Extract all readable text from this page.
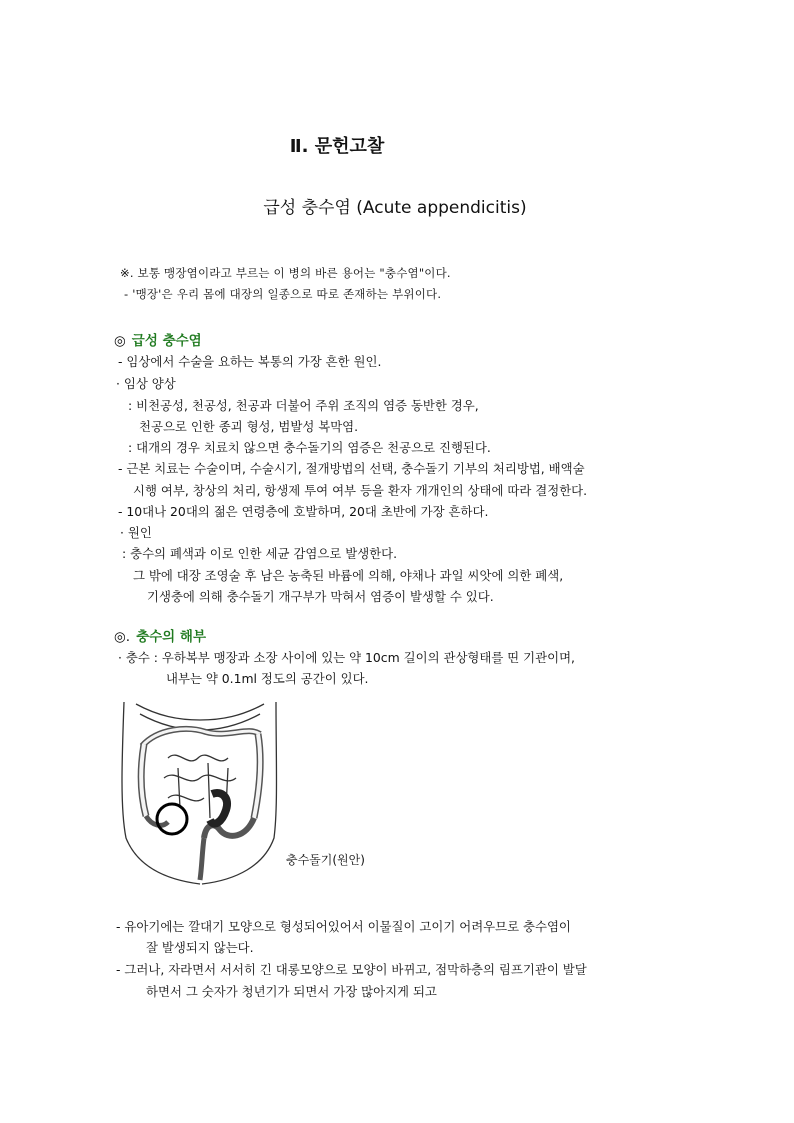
Ⅱ. 문헌고찰
급성 충수염 (Acute appendicitis)
※. 보통 맹장염이라고 부르는 이 병의 바른 용어는 "충수염"이다.
- '맹장'은 우리 몸에 대장의 일종으로 따로 존재하는 부위이다.
◎ 급성 충수염
- 임상에서 수술을 요하는 복통의 가장 흔한 원인.
· 임상 양상
: 비천공성, 천공성, 천공과 더불어 주위 조직의 염증 동반한 경우,
천공으로 인한 종괴 형성, 범발성 복막염.
: 대개의 경우 치료치 않으면 충수돌기의 염증은 천공으로 진행된다.
- 근본 치료는 수술이며, 수술시기, 절개방법의 선택, 충수돌기 기부의 처리방법, 배액술
시행 여부, 창상의 처리, 항생제 투여 여부 등을 환자 개개인의 상태에 따라 결정한다.
- 10대나 20대의 젊은 연령층에 호발하며, 20대 초반에 가장 흔하다.
· 원인
: 충수의 폐색과 이로 인한 세균 감염으로 발생한다.
그 밖에 대장 조영술 후 남은 농축된 바륨에 의해, 야채나 과일 씨앗에 의한 폐색,
기생충에 의해 충수돌기 개구부가 막혀서 염증이 발생할 수 있다.
◎. 충수의 해부
· 충수 : 우하복부 맹장과 소장 사이에 있는 약 10cm 길이의 관상형태를 띤 기관이며,
내부는 약 0.1ml 정도의 공간이 있다.
충수돌기(원안)
- 유아기에는 깔대기 모양으로 형성되어있어서 이물질이 고이기 어려우므로 충수염이
잘 발생되지 않는다.
- 그러나, 자라면서 서서히 긴 대롱모양으로 모양이 바뀌고, 점막하층의 림프기관이 발달
하면서 그 숫자가 청년기가 되면서 가장 많아지게 되고
